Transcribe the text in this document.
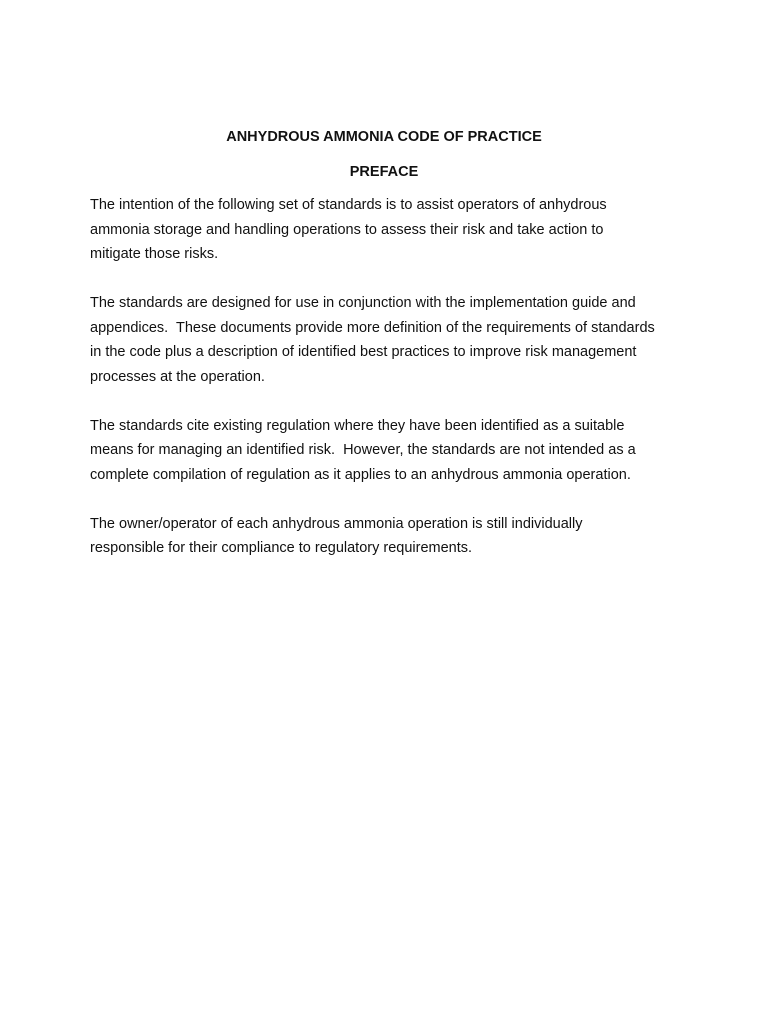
ANHYDROUS AMMONIA CODE OF PRACTICE
PREFACE

The intention of the following set of standards is to assist operators of anhydrous
ammonia storage and handling operations to assess their risk and take action to
mitigate those risks.

The standards are designed for use in conjunction with the implementation guide and
appendices.  These documents provide more definition of the requirements of standards
in the code plus a description of identified best practices to improve risk management
processes at the operation.

The standards cite existing regulation where they have been identified as a suitable
means for managing an identified risk.  However, the standards are not intended as a
complete compilation of regulation as it applies to an anhydrous ammonia operation.

The owner/operator of each anhydrous ammonia operation is still individually
responsible for their compliance to regulatory requirements.
